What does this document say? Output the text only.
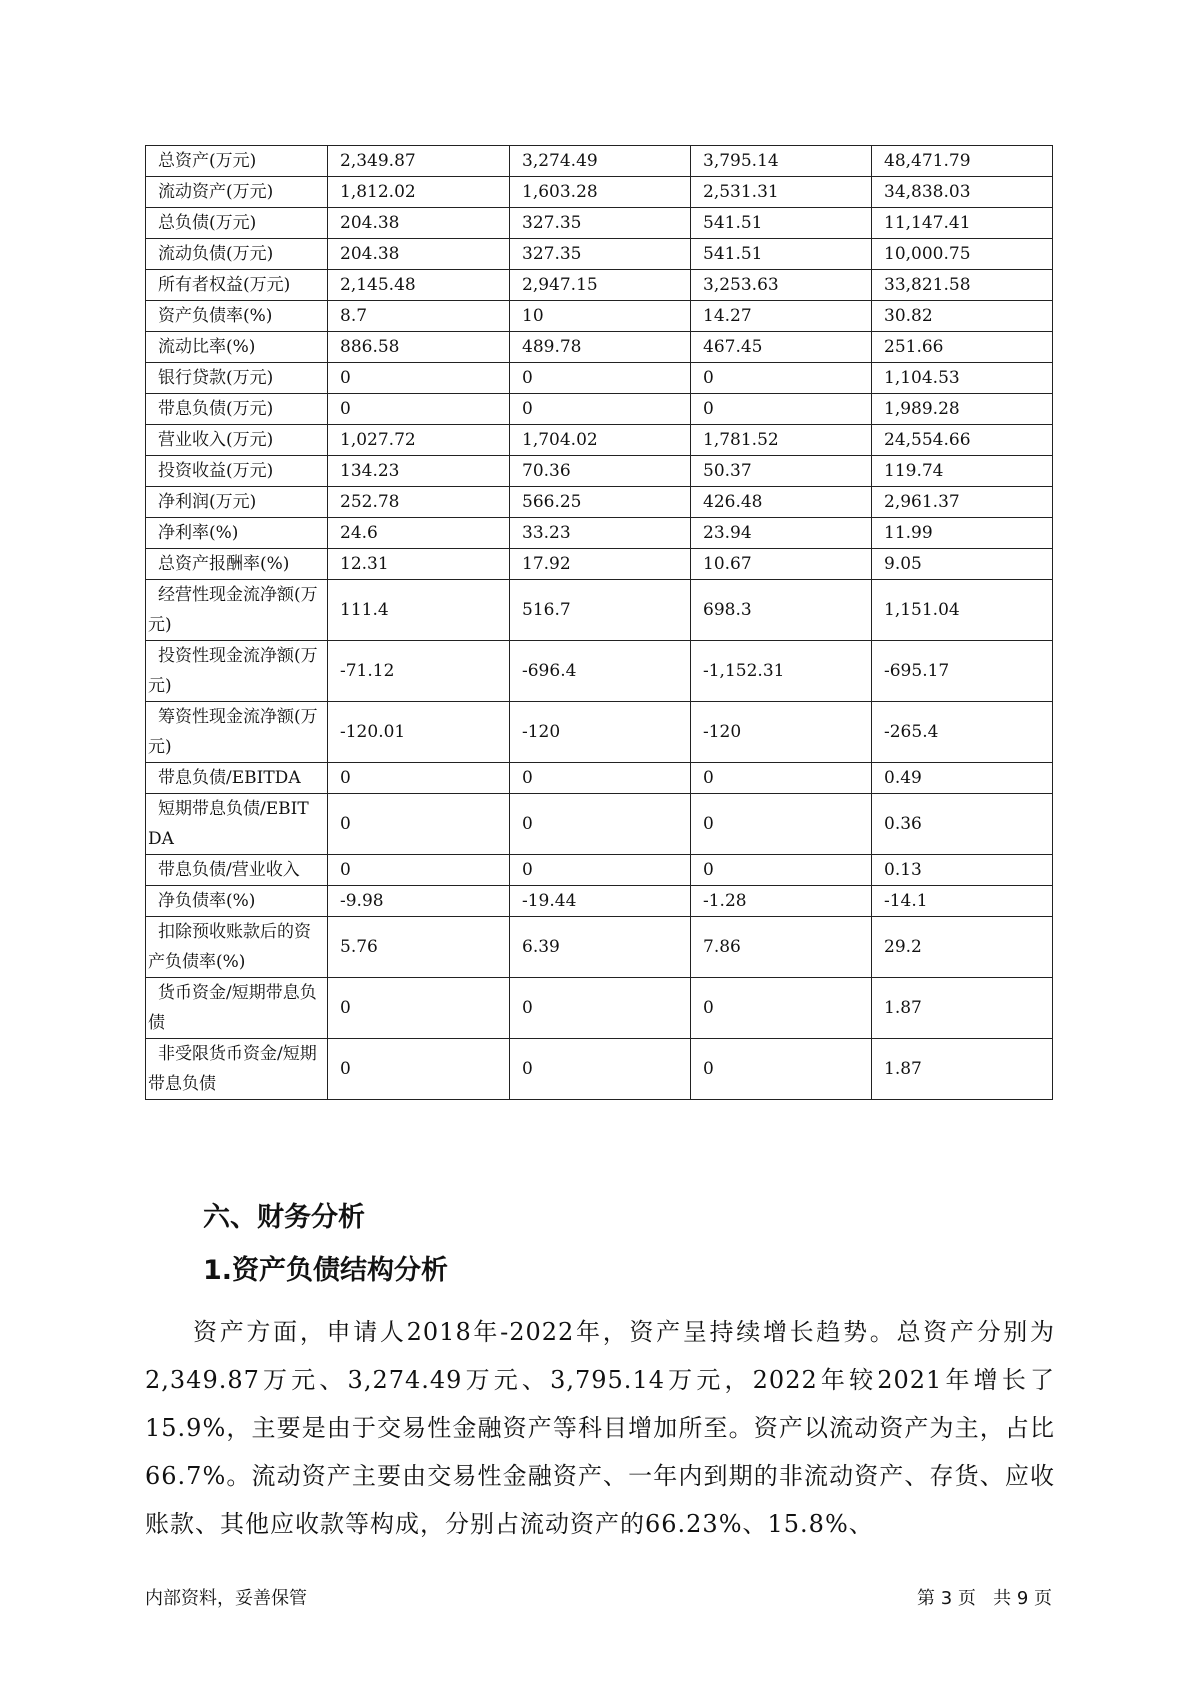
总资产(万元)	2,349.87	3,274.49	3,795.14	48,471.79
流动资产(万元)	1,812.02	1,603.28	2,531.31	34,838.03
总负债(万元)	204.38	327.35	541.51	11,147.41
流动负债(万元)	204.38	327.35	541.51	10,000.75
所有者权益(万元)	2,145.48	2,947.15	3,253.63	33,821.58
资产负债率(%)	8.7	10	14.27	30.82
流动比率(%)	886.58	489.78	467.45	251.66
银行贷款(万元)	0	0	0	1,104.53
带息负债(万元)	0	0	0	1,989.28
营业收入(万元)	1,027.72	1,704.02	1,781.52	24,554.66
投资收益(万元)	134.23	70.36	50.37	119.74
净利润(万元)	252.78	566.25	426.48	2,961.37
净利率(%)	24.6	33.23	23.94	11.99
总资产报酬率(%)	12.31	17.92	10.67	9.05
经营性现金流净额(万元)	111.4	516.7	698.3	1,151.04
投资性现金流净额(万元)	-71.12	-696.4	-1,152.31	-695.17
筹资性现金流净额(万元)	-120.01	-120	-120	-265.4
带息负债/EBITDA	0	0	0	0.49
短期带息负债/EBITDA	0	0	0	0.36
带息负债/营业收入	0	0	0	0.13
净负债率(%)	-9.98	-19.44	-1.28	-14.1
扣除预收账款后的资产负债率(%)	5.76	6.39	7.86	29.2
货币资金/短期带息负债	0	0	0	1.87
非受限货币资金/短期带息负债	0	0	0	1.87
六、财务分析
1.资产负债结构分析

资产方面，申请人2018年-2022年，资产呈持续增长趋势。总资产分别为2,349.87万元、3,274.49万元、3,795.14万元，2022年较2021年增长了15.9%，主要是由于交易性金融资产等科目增加所至。资产以流动资产为主，占比66.7%。流动资产主要由交易性金融资产、一年内到期的非流动资产、存货、应收账款、其他应收款等构成，分别占流动资产的66.23%、15.8%、

内部资料，妥善保管	第 3 页   共 9 页
